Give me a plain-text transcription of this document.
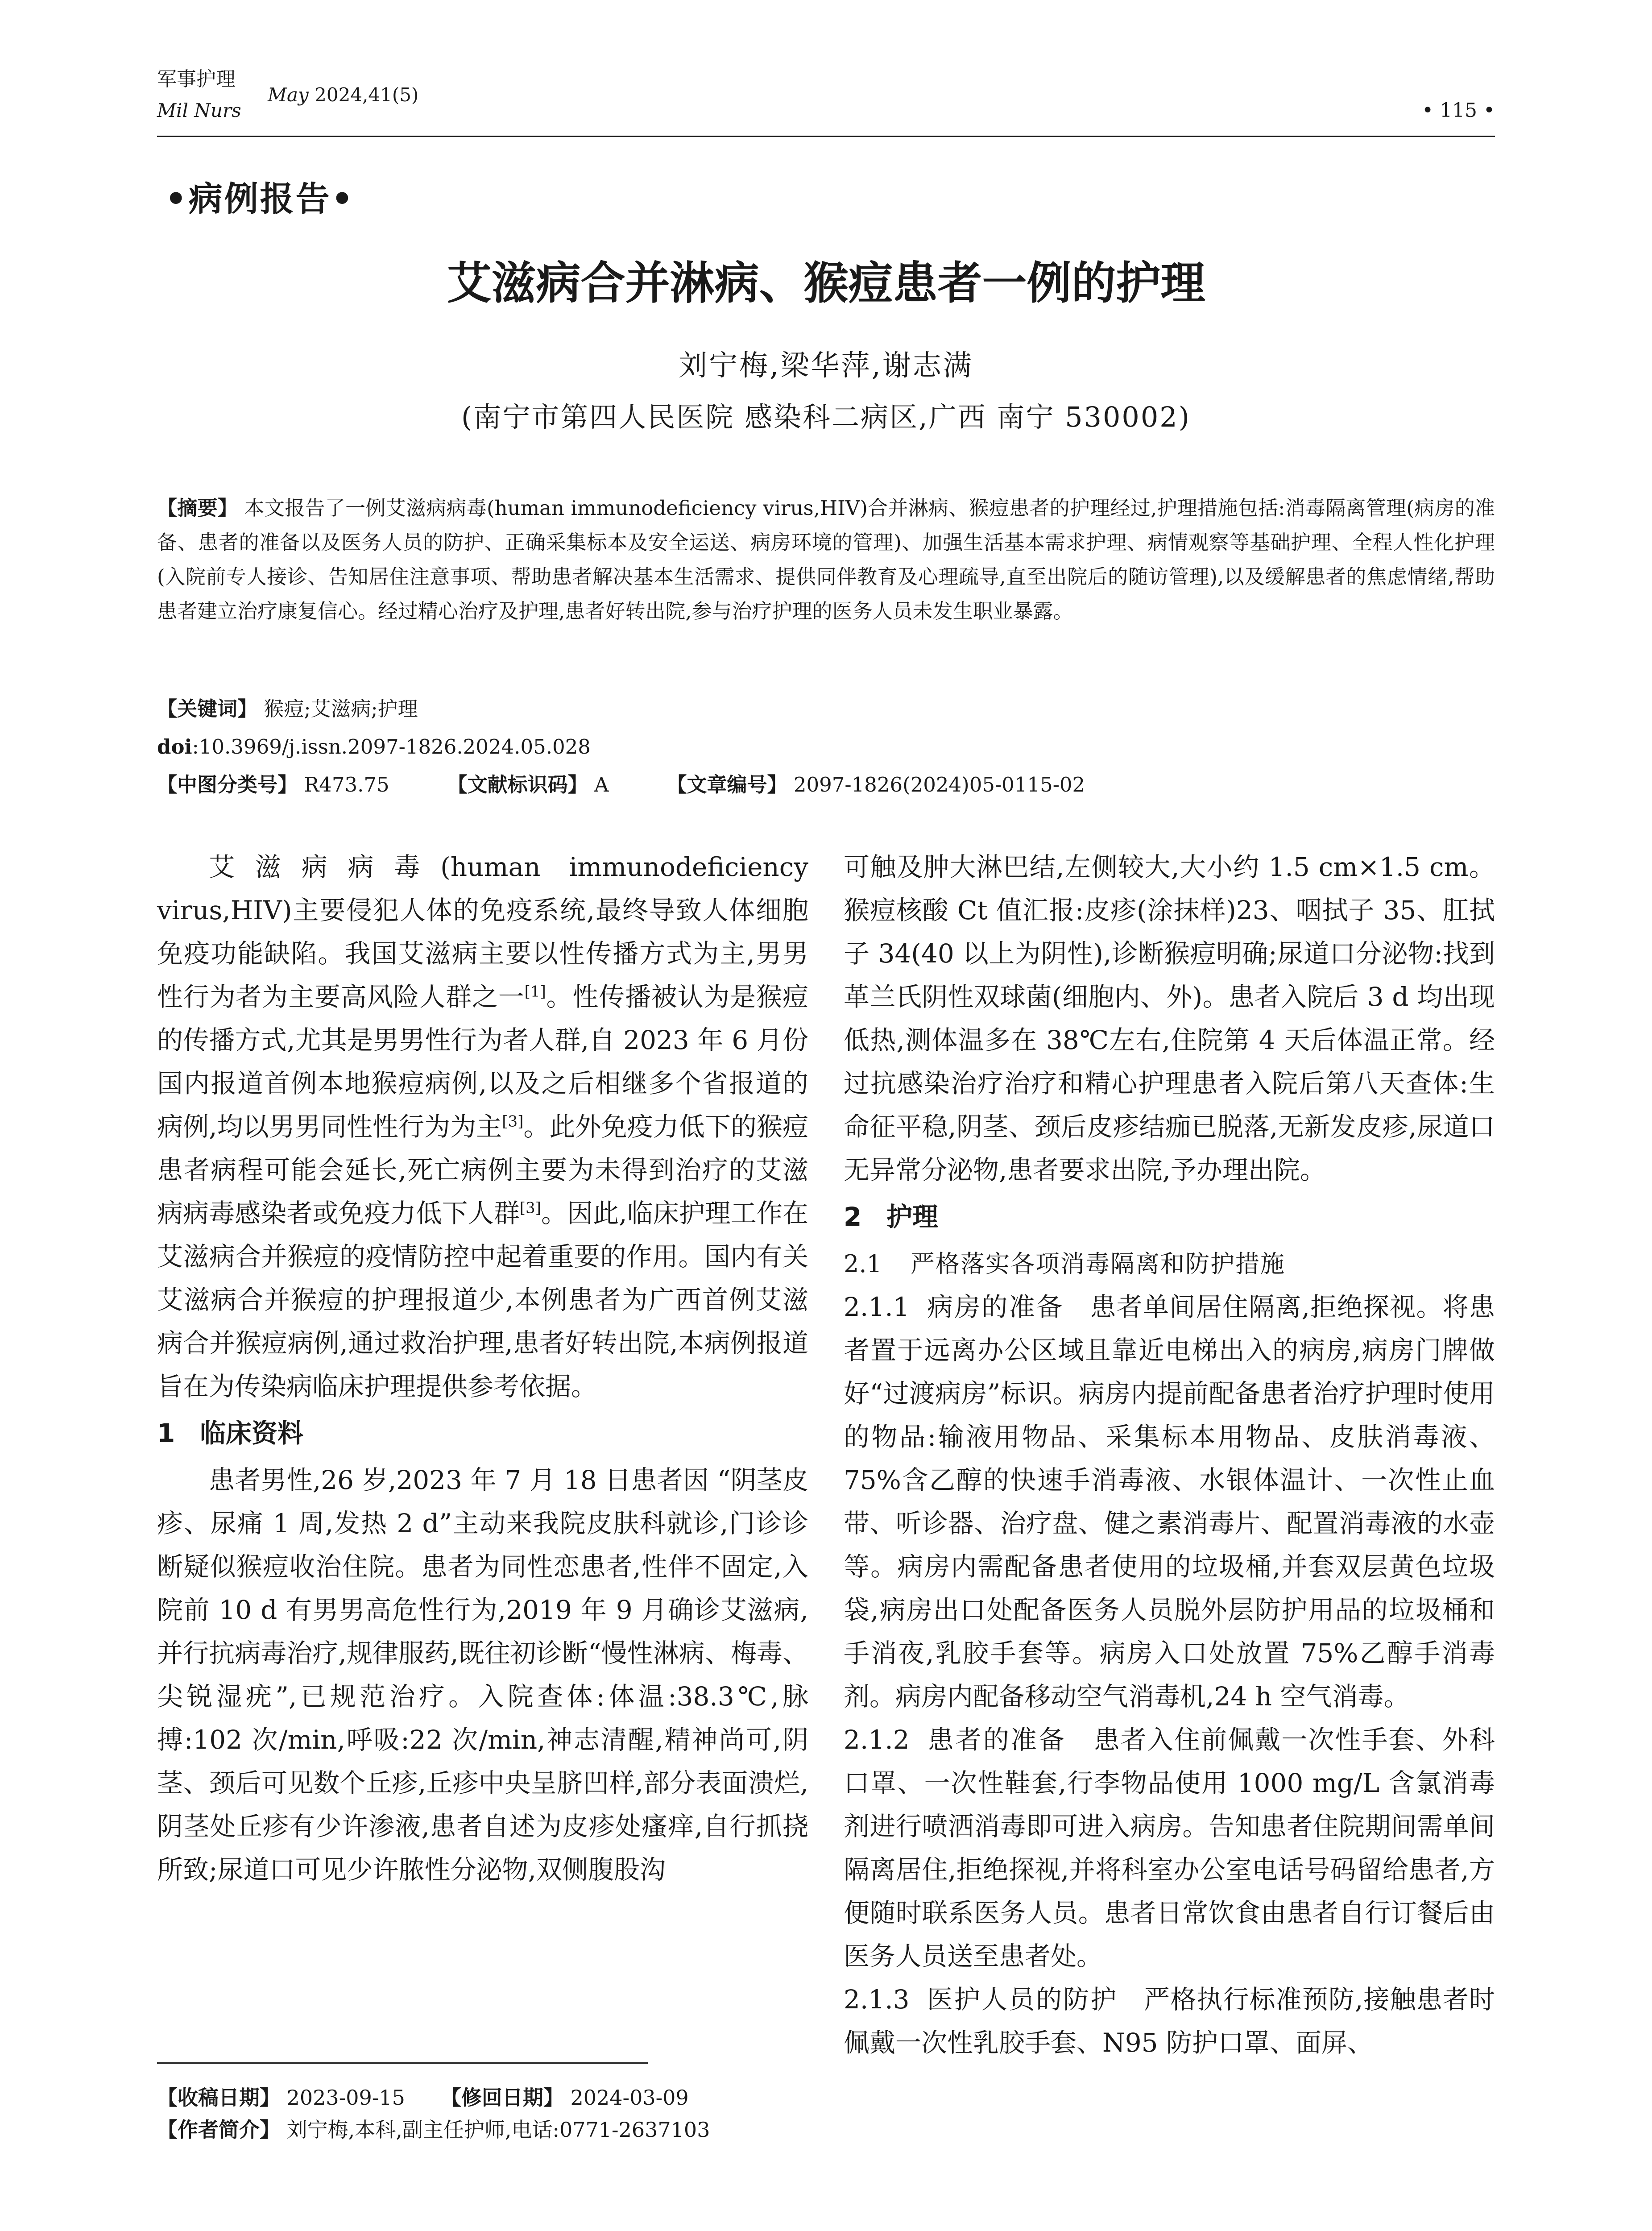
军事护理
Mil Nurs
May 2024,41(5)
• 115 •
•病例报告•
艾滋病合并淋病、猴痘患者一例的护理
刘宁梅,梁华萍,谢志满
(南宁市第四人民医院 感染科二病区,广西 南宁 530002)
【摘要】 本文报告了一例艾滋病病毒(human immunodeficiency virus,HIV)合并淋病、猴痘患者的护理经过,护理措施包括:消毒隔离管理(病房的准备、患者的准备以及医务人员的防护、正确采集标本及安全运送、病房环境的管理)、加强生活基本需求护理、病情观察等基础护理、全程人性化护理(入院前专人接诊、告知居住注意事项、帮助患者解决基本生活需求、提供同伴教育及心理疏导,直至出院后的随访管理),以及缓解患者的焦虑情绪,帮助患者建立治疗康复信心。经过精心治疗及护理,患者好转出院,参与治疗护理的医务人员未发生职业暴露。
【关键词】 猴痘;艾滋病;护理
doi:10.3969/j.issn.2097-1826.2024.05.028
【中图分类号】 R473.75	【文献标识码】 A	【文章编号】 2097-1826(2024)05-0115-02

艾滋病病毒(human immunodeficiency virus,HIV)主要侵犯人体的免疫系统,最终导致人体细胞免疫功能缺陷。我国艾滋病主要以性传播方式为主,男男性行为者为主要高风险人群之一[1]。性传播被认为是猴痘的传播方式,尤其是男男性行为者人群,自 2023 年 6 月份国内报道首例本地猴痘病例,以及之后相继多个省报道的病例,均以男男同性性行为为主[3]。此外免疫力低下的猴痘患者病程可能会延长,死亡病例主要为未得到治疗的艾滋病病毒感染者或免疫力低下人群[3]。因此,临床护理工作在艾滋病合并猴痘的疫情防控中起着重要的作用。国内有关艾滋病合并猴痘的护理报道少,本例患者为广西首例艾滋病合并猴痘病例,通过救治护理,患者好转出院,本病例报道旨在为传染病临床护理提供参考依据。

1 临床资料

患者男性,26 岁,2023 年 7 月 18 日患者因 “阴茎皮疹、尿痛 1 周,发热 2 d”主动来我院皮肤科就诊,门诊诊断疑似猴痘收治住院。患者为同性恋患者,性伴不固定,入院前 10 d 有男男高危性行为,2019 年 9 月确诊艾滋病,并行抗病毒治疗,规律服药,既往初诊断“慢性淋病、梅毒、尖锐湿疣”,已规范治疗。入院查体:体温:38.3℃,脉搏:102 次/min,呼吸:22 次/min,神志清醒,精神尚可,阴茎、颈后可见数个丘疹,丘疹中央呈脐凹样,部分表面溃烂,阴茎处丘疹有少许渗液,患者自述为皮疹处瘙痒,自行抓挠所致;尿道口可见少许脓性分泌物,双侧腹股沟

可触及肿大淋巴结,左侧较大,大小约 1.5 cm×1.5 cm。猴痘核酸 Ct 值汇报:皮疹(涂抹样)23、咽拭子 35、肛拭子 34(40 以上为阴性),诊断猴痘明确;尿道口分泌物:找到革兰氏阴性双球菌(细胞内、外)。患者入院后 3 d 均出现低热,测体温多在 38℃左右,住院第 4 天后体温正常。经过抗感染治疗治疗和精心护理患者入院后第八天查体:生命征平稳,阴茎、颈后皮疹结痂已脱落,无新发皮疹,尿道口无异常分泌物,患者要求出院,予办理出院。

2 护理
2.1 严格落实各项消毒隔离和防护措施

2.1.1 病房的准备 患者单间居住隔离,拒绝探视。将患者置于远离办公区域且靠近电梯出入的病房,病房门牌做好“过渡病房”标识。病房内提前配备患者治疗护理时使用的物品:输液用物品、采集标本用物品、皮肤消毒液、75%含乙醇的快速手消毒液、水银体温计、一次性止血带、听诊器、治疗盘、健之素消毒片、配置消毒液的水壶等。病房内需配备患者使用的垃圾桶,并套双层黄色垃圾袋,病房出口处配备医务人员脱外层防护用品的垃圾桶和手消夜,乳胶手套等。病房入口处放置 75%乙醇手消毒剂。病房内配备移动空气消毒机,24 h 空气消毒。

2.1.2 患者的准备 患者入住前佩戴一次性手套、外科口罩、一次性鞋套,行李物品使用 1000 mg/L 含氯消毒剂进行喷洒消毒即可进入病房。告知患者住院期间需单间隔离居住,拒绝探视,并将科室办公室电话号码留给患者,方便随时联系医务人员。患者日常饮食由患者自行订餐后由医务人员送至患者处。

2.1.3 医护人员的防护 严格执行标准预防,接触患者时佩戴一次性乳胶手套、N95 防护口罩、面屏、

【收稿日期】 2023-09-15 【修回日期】 2024-03-09
【作者简介】 刘宁梅,本科,副主任护师,电话:0771-2637103
